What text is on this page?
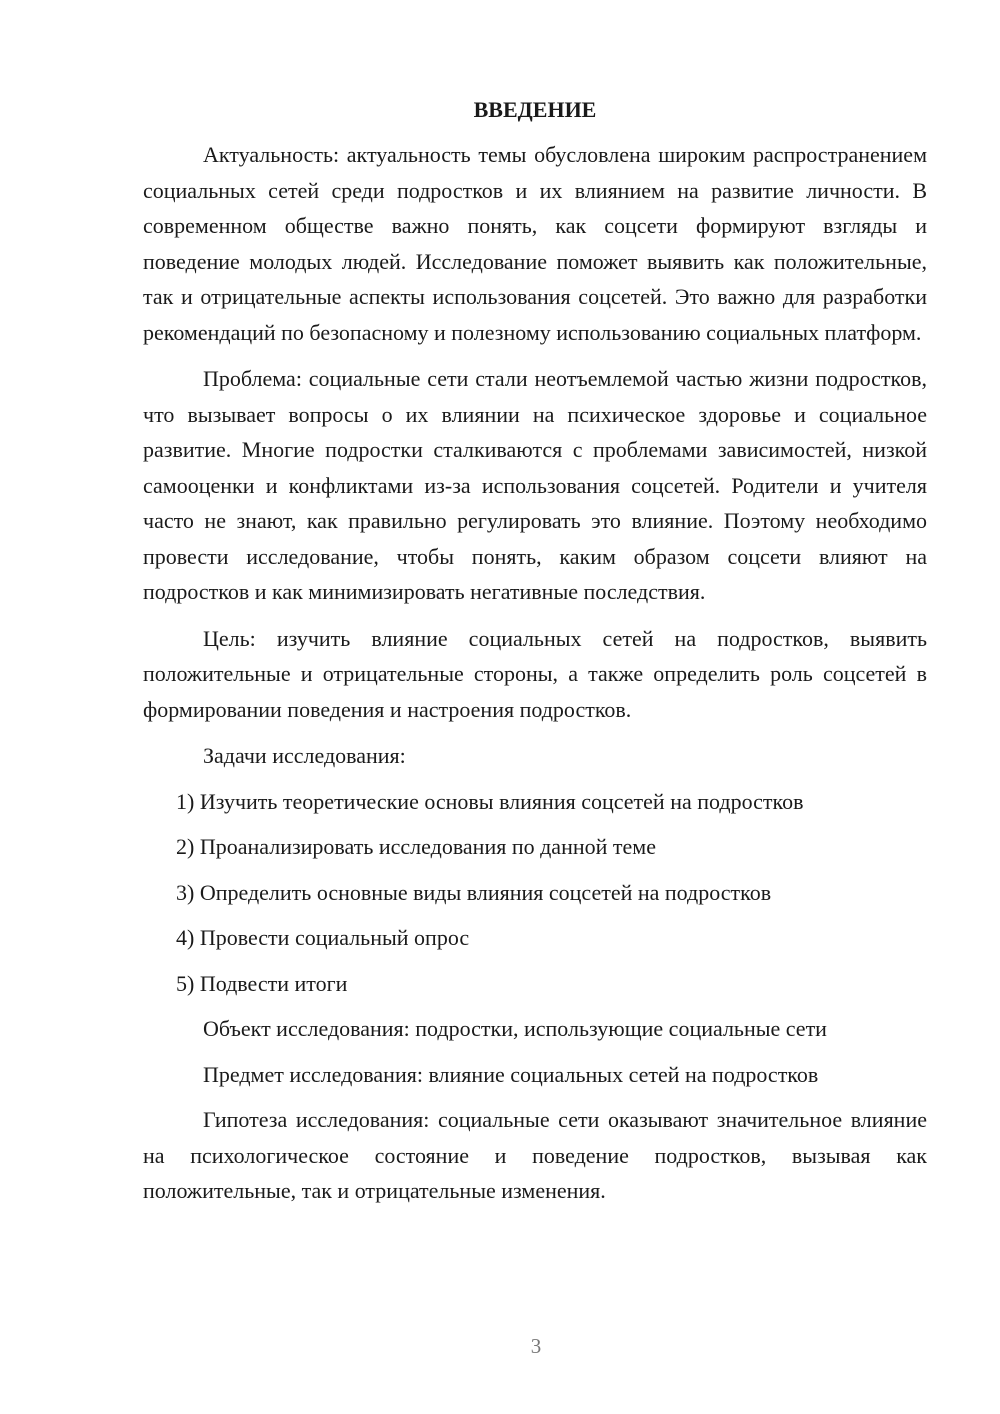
ВВЕДЕНИЕ

Актуальность: актуальность темы обусловлена широким распространением социальных сетей среди подростков и их влиянием на развитие личности. В современном обществе важно понять, как соцсети формируют взгляды и поведение молодых людей. Исследование поможет выявить как положительные, так и отрицательные аспекты использования соцсетей. Это важно для разработки рекомендаций по безопасному и полезному использованию социальных платформ.

Проблема: социальные сети стали неотъемлемой частью жизни подростков, что вызывает вопросы о их влиянии на психическое здоровье и социальное развитие. Многие подростки сталкиваются с проблемами зависимостей, низкой самооценки и конфликтами из-за использования соцсетей. Родители и учителя часто не знают, как правильно регулировать это влияние. Поэтому необходимо провести исследование, чтобы понять, каким образом соцсети влияют на подростков и как минимизировать негативные последствия.

Цель: изучить влияние социальных сетей на подростков, выявить положительные и отрицательные стороны, а также определить роль соцсетей в формировании поведения и настроения подростков.

Задачи исследования:
1) Изучить теоретические основы влияния соцсетей на подростков
2) Проанализировать исследования по данной теме
3) Определить основные виды влияния соцсетей на подростков
4) Провести социальный опрос
5) Подвести итоги
Объект исследования: подростки, использующие социальные сети
Предмет исследования: влияние социальных сетей на подростков

Гипотеза исследования: социальные сети оказывают значительное влияние на психологическое состояние и поведение подростков, вызывая как положительные, так и отрицательные изменения.

3
